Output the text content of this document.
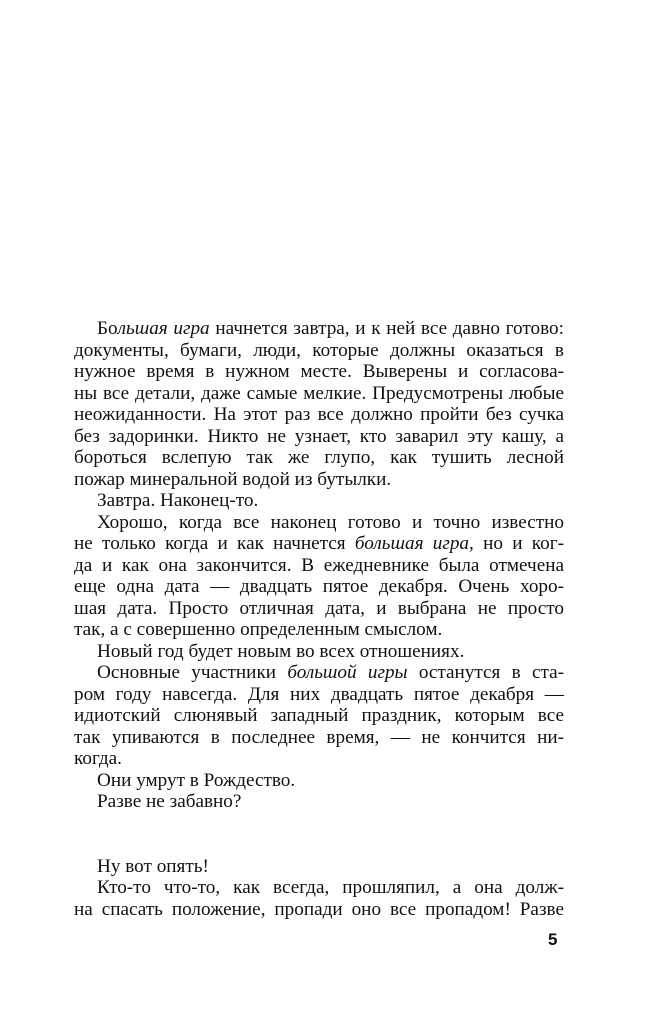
Большая игра начнется завтра, и к ней все давно готово:
документы, бумаги, люди, которые должны оказаться в
нужное время в нужном месте. Выверены и согласова-
ны все детали, даже самые мелкие. Предусмотрены любые
неожиданности. На этот раз все должно пройти без сучка
без задоринки. Никто не узнает, кто заварил эту кашу, а
бороться вслепую так же глупо, как тушить лесной
пожар минеральной водой из бутылки.
Завтра. Наконец-то.
Хорошо, когда все наконец готово и точно известно
не только когда и как начнется большая игра, но и ког-
да и как она закончится. В ежедневнике была отмечена
еще одна дата — двадцать пятое декабря. Очень хоро-
шая дата. Просто отличная дата, и выбрана не просто
так, а с совершенно определенным смыслом.
Новый год будет новым во всех отношениях.
Основные участники большой игры останутся в ста-
ром году навсегда. Для них двадцать пятое декабря —
идиотский слюнявый западный праздник, которым все
так упиваются в последнее время, — не кончится ни-
когда.
Они умрут в Рождество.
Разве не забавно?
Ну вот опять!
Кто-то что-то, как всегда, прошляпил, а она долж-
на спасать положение, пропади оно все пропадом! Разве
5
